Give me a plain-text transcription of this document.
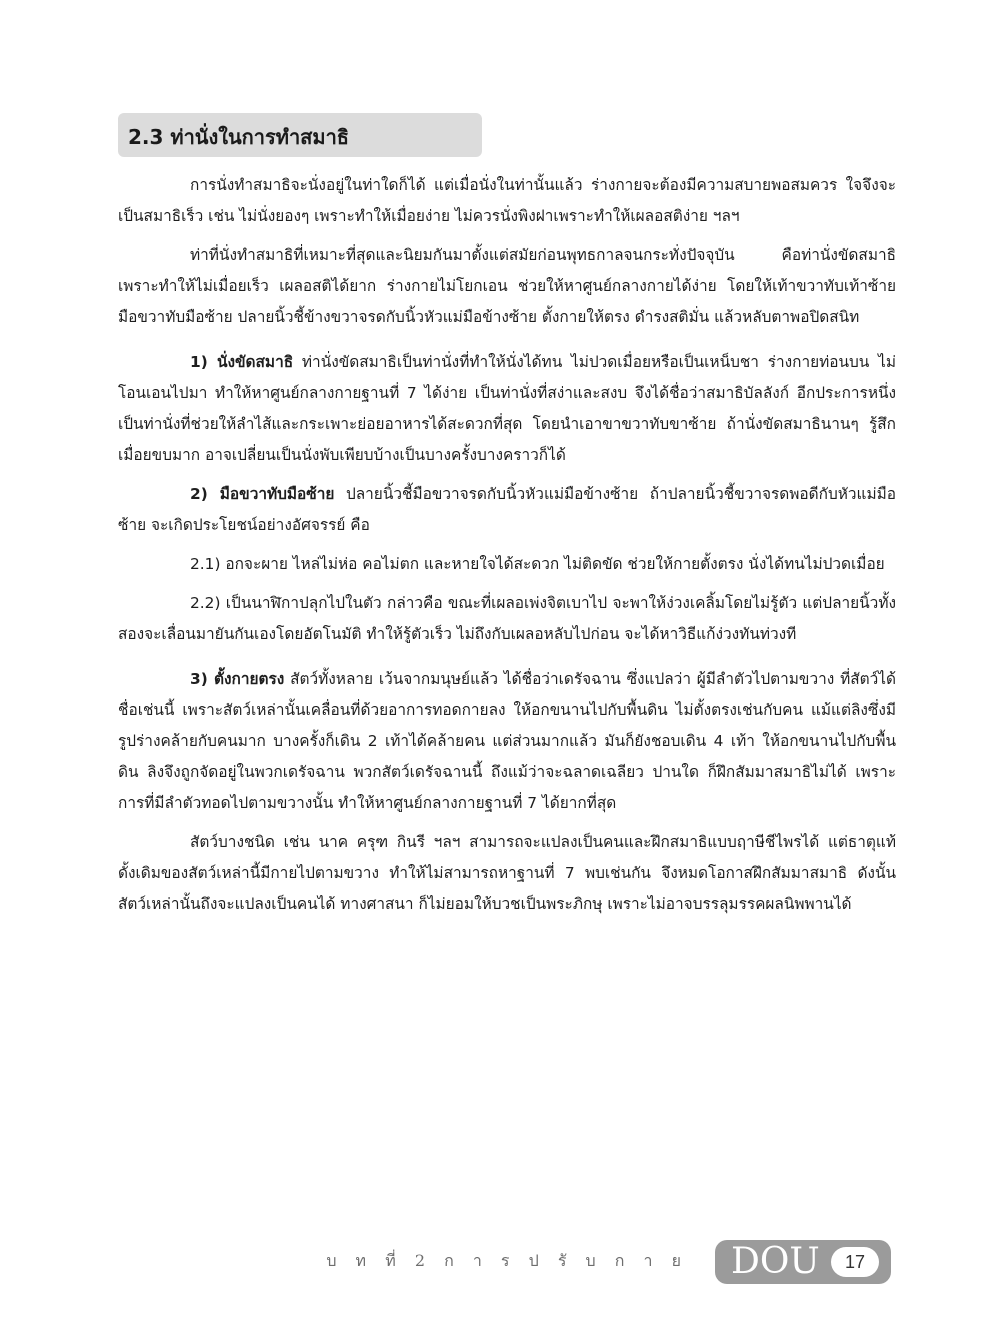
2.3 ท่านั่งในการทำสมาธิ

การนั่งทำสมาธิจะนั่งอยู่ในท่าใดก็ได้ แต่เมื่อนั่งในท่านั้นแล้ว ร่างกายจะต้องมีความสบายพอสมควร ใจจึงจะเป็นสมาธิเร็ว เช่น ไม่นั่งยองๆ เพราะทำให้เมื่อยง่าย ไม่ควรนั่งพิงฝาเพราะทำให้เผลอสติง่าย ฯลฯ

ท่าที่นั่งทำสมาธิที่เหมาะที่สุดและนิยมกันมาตั้งแต่สมัยก่อนพุทธกาลจนกระทั่งปัจจุบัน คือท่านั่งขัดสมาธิ เพราะทำให้ไม่เมื่อยเร็ว เผลอสติได้ยาก ร่างกายไม่โยกเอน ช่วยให้หาศูนย์กลางกายได้ง่าย โดยให้เท้าขวาทับเท้าซ้าย มือขวาทับมือซ้าย ปลายนิ้วชี้ข้างขวาจรดกับนิ้วหัวแม่มือข้างซ้าย ตั้งกายให้ตรง ดำรงสติมั่น แล้วหลับตาพอปิดสนิท

1) นั่งขัดสมาธิ ท่านั่งขัดสมาธิเป็นท่านั่งที่ทำให้นั่งได้ทน ไม่ปวดเมื่อยหรือเป็นเหน็บชา ร่างกายท่อนบน ไม่โอนเอนไปมา ทำให้หาศูนย์กลางกายฐานที่ 7 ได้ง่าย เป็นท่านั่งที่สง่าและสงบ จึงได้ชื่อว่าสมาธิบัลลังก์ อีกประการหนึ่งเป็นท่านั่งที่ช่วยให้ลำไส้และกระเพาะย่อยอาหารได้สะดวกที่สุด โดยนำเอาขาขวาทับขาซ้าย ถ้านั่งขัดสมาธินานๆ รู้สึกเมื่อยขบมาก อาจเปลี่ยนเป็นนั่งพับเพียบบ้างเป็นบางครั้งบางคราวก็ได้

2) มือขวาทับมือซ้าย ปลายนิ้วชี้มือขวาจรดกับนิ้วหัวแม่มือข้างซ้าย ถ้าปลายนิ้วชี้ขวาจรดพอดีกับหัวแม่มือซ้าย จะเกิดประโยชน์อย่างอัศจรรย์ คือ

2.1) อกจะผาย ไหล่ไม่ห่อ คอไม่ตก และหายใจได้สะดวก ไม่ติดขัด ช่วยให้กายตั้งตรง นั่งได้ทนไม่ปวดเมื่อย

2.2) เป็นนาฬิกาปลุกไปในตัว กล่าวคือ ขณะที่เผลอเพ่งจิตเบาไป จะพาให้ง่วงเคลิ้มโดยไม่รู้ตัว แต่ปลายนิ้วทั้งสองจะเลื่อนมายันกันเองโดยอัตโนมัติ ทำให้รู้ตัวเร็ว ไม่ถึงกับเผลอหลับไปก่อน จะได้หาวิธีแก้ง่วงทันท่วงที

3) ตั้งกายตรง สัตว์ทั้งหลาย เว้นจากมนุษย์แล้ว ได้ชื่อว่าเดรัจฉาน ซึ่งแปลว่า ผู้มีลำตัวไปตามขวาง ที่สัตว์ได้ชื่อเช่นนี้ เพราะสัตว์เหล่านั้นเคลื่อนที่ด้วยอาการทอดกายลง ให้อกขนานไปกับพื้นดิน ไม่ตั้งตรงเช่นกับคน แม้แต่ลิงซึ่งมีรูปร่างคล้ายกับคนมาก บางครั้งก็เดิน 2 เท้าได้คล้ายคน แต่ส่วนมากแล้ว มันก็ยังชอบเดิน 4 เท้า ให้อกขนานไปกับพื้นดิน ลิงจึงถูกจัดอยู่ในพวกเดรัจฉาน พวกสัตว์เดรัจฉานนี้ ถึงแม้ว่าจะฉลาดเฉลียว ปานใด ก็ฝึกสัมมาสมาธิไม่ได้ เพราะการที่มีลำตัวทอดไปตามขวางนั้น ทำให้หาศูนย์กลางกายฐานที่ 7 ได้ยากที่สุด

สัตว์บางชนิด เช่น นาค ครุฑ กินรี ฯลฯ สามารถจะแปลงเป็นคนและฝึกสมาธิแบบฤาษีชีไพรได้ แต่ธาตุแท้ดั้งเดิมของสัตว์เหล่านี้มีกายไปตามขวาง ทำให้ไม่สามารถหาฐานที่ 7 พบเช่นกัน จึงหมดโอกาสฝึกสัมมาสมาธิ ดังนั้นสัตว์เหล่านั้นถึงจะแปลงเป็นคนได้ ทางศาสนา ก็ไม่ยอมให้บวชเป็นพระภิกษุ เพราะไม่อาจบรรลุมรรคผลนิพพานได้

บ ท ที่ 2 ก า ร ป รั บ ก า ย DOU	17
